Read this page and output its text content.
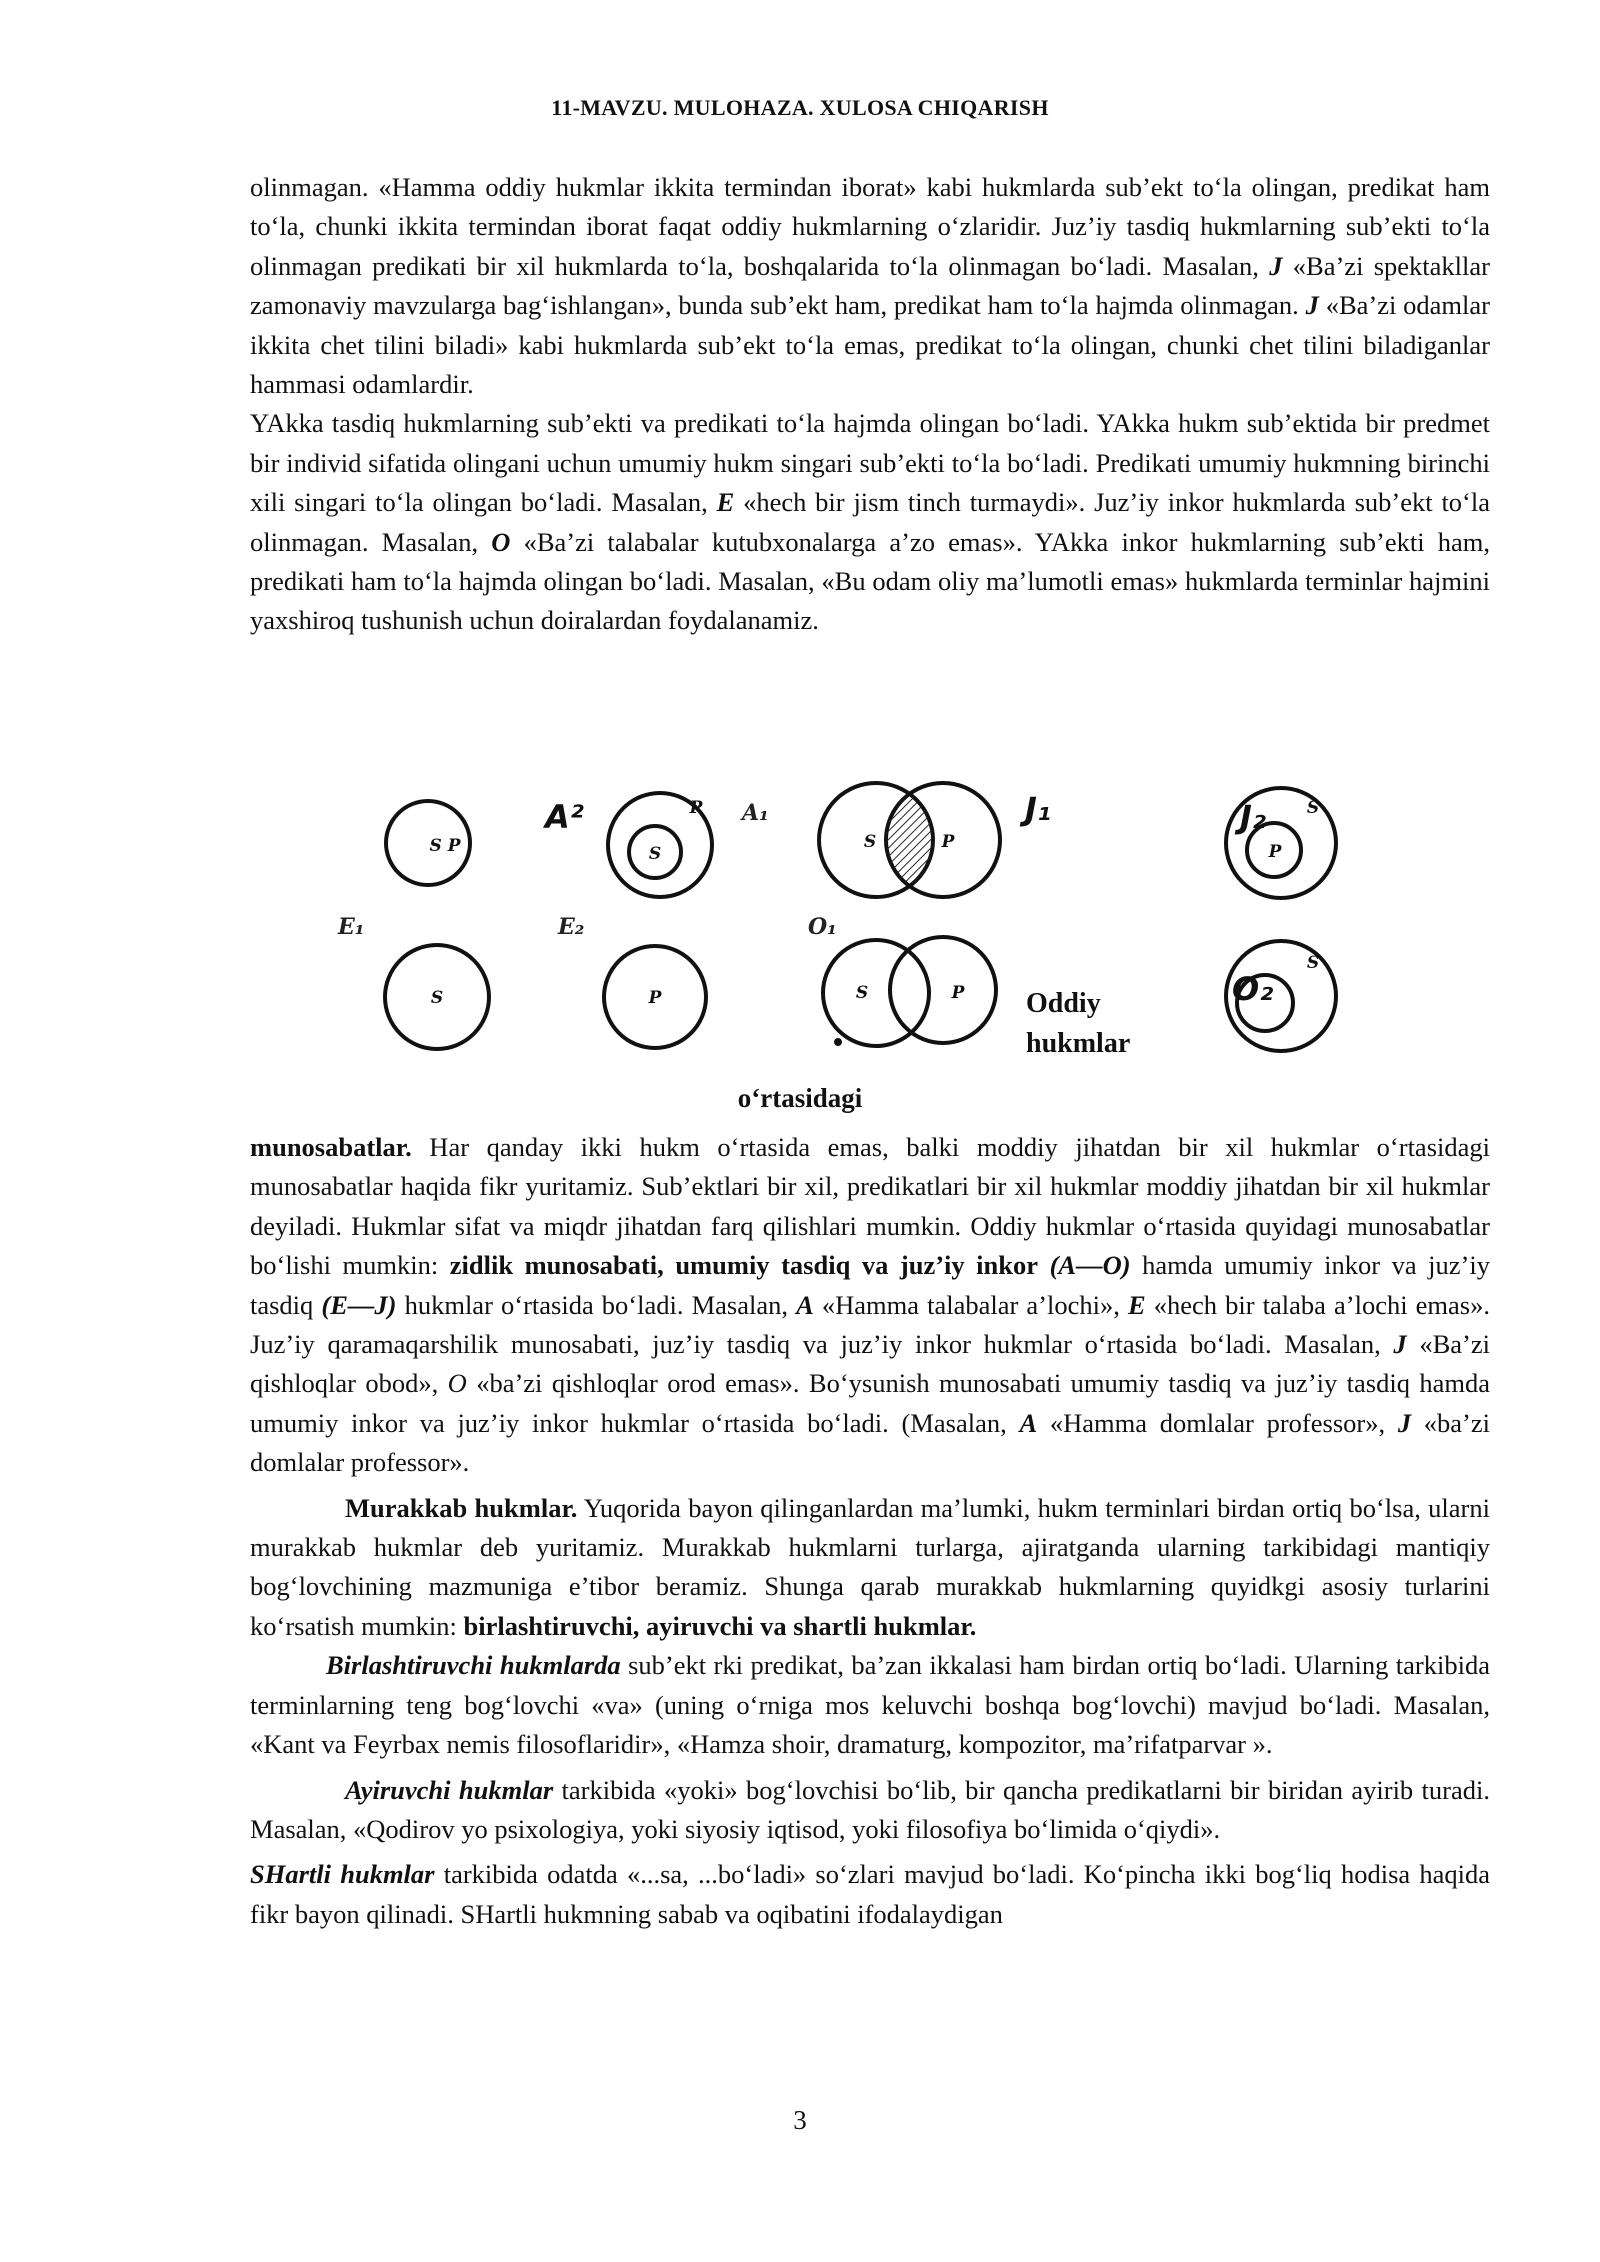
11-MAVZU. MULOHAZA. XULOSA CHIQARISH

olinmagan. «Hamma oddiy hukmlar ikkita termindan iborat» kabi hukmlarda sub’ekt to‘la olingan, predikat ham to‘la, chunki ikkita termindan iborat faqat oddiy hukmlarning o‘zlaridir. Juz’iy tasdiq hukmlarning sub’ekti to‘la olinmagan predikati bir xil hukmlarda to‘la, boshqalarida to‘la olinmagan bo‘ladi. Masalan, J «Ba’zi spektakllar zamonaviy mavzularga bag‘ishlangan», bunda sub’ekt ham, predikat ham to‘la hajmda olinmagan. J «Ba’zi odamlar ikkita chet tilini biladi» kabi hukmlarda sub’ekt to‘la emas, predikat to‘la olingan, chunki chet tilini biladiganlar hammasi odamlardir.

YAkka tasdiq hukmlarning sub’ekti va predikati to‘la hajmda olingan bo‘ladi. YAkka hukm sub’ektida bir predmet bir individ sifatida olingani uchun umumiy hukm singari sub’ekti to‘la bo‘ladi. Predikati umumiy hukmning birinchi xili singari to‘la olingan bo‘ladi. Masalan, E «hech bir jism tinch turmaydi». Juz’iy inkor hukmlarda sub’ekt to‘la olinmagan. Masalan, O «Ba’zi talabalar kutubxonalarga a’zo emas». YAkka inkor hukmlarning sub’ekti ham, predikati ham to‘la hajmda olingan bo‘ladi. Masalan, «Bu odam oliy ma’lumotli emas» hukmlarda terminlar hajmini yaxshiroq tushunish uchun doiralardan foydalanamiz.

S P	S
P
S	P
S
P
S	P	S	P
S
E₁	E₂	O₁
A₁
A²	J₁	J₂
O₂
Oddiy
hukmlar
o‘rtasidagi

munosabatlar. Har qanday ikki hukm o‘rtasida emas, balki moddiy jihatdan bir xil hukmlar o‘rtasidagi munosabatlar haqida fikr yuritamiz. Sub’ektlari bir xil, predikatlari bir xil hukmlar moddiy jihatdan bir xil hukmlar deyiladi. Hukmlar sifat va miqdr jihatdan farq qilishlari mumkin. Oddiy hukmlar o‘rtasida quyidagi munosabatlar bo‘lishi mumkin: zidlik munosabati, umumiy tasdiq va juz’iy inkor (A—O) hamda umumiy inkor va juz’iy tasdiq (E—J) hukmlar o‘rtasida bo‘ladi. Masalan, A «Hamma talabalar a’lochi», E «hech bir talaba a’lochi emas». Juz’iy qaramaqarshilik munosabati, juz’iy tasdiq va juz’iy inkor hukmlar o‘rtasida bo‘ladi. Masalan, J «Ba’zi qishloqlar obod», O «ba’zi qishloqlar orod emas». Bo‘ysunish munosabati umumiy tasdiq va juz’iy tasdiq hamda umumiy inkor va juz’iy inkor hukmlar o‘rtasida bo‘ladi. (Masalan, A «Hamma domlalar professor», J «ba’zi domlalar professor».

Murakkab hukmlar. Yuqorida bayon qilinganlardan ma’lumki, hukm terminlari birdan ortiq bo‘lsa, ularni murakkab hukmlar deb yuritamiz. Murakkab hukmlarni turlarga, ajiratganda ularning tarkibidagi mantiqiy bog‘lovchining mazmuniga e’tibor beramiz. Shunga qarab murakkab hukmlarning quyidkgi asosiy turlarini ko‘rsatish mumkin: birlashtiruvchi, ayiruvchi va shartli hukmlar.

Birlashtiruvchi hukmlarda sub’ekt rki predikat, ba’zan ikkalasi ham birdan ortiq bo‘ladi. Ularning tarkibida terminlarning teng bog‘lovchi «va» (uning o‘rniga mos keluvchi boshqa bog‘lovchi) mavjud bo‘ladi. Masalan, «Kant va Feyrbax nemis filosoflaridir», «Hamza shoir, dramaturg, kompozitor, ma’rifatparvar ».

Ayiruvchi hukmlar tarkibida «yoki» bog‘lovchisi bo‘lib, bir qancha predikatlarni bir biridan ayirib turadi. Masalan, «Qodirov yo psixologiya, yoki siyosiy iqtisod, yoki filosofiya bo‘limida o‘qiydi».

SHartli hukmlar tarkibida odatda «...sa, ...bo‘ladi» so‘zlari mavjud bo‘ladi. Ko‘pincha ikki bog‘liq hodisa haqida fikr bayon qilinadi. SHartli hukmning sabab va oqibatini ifodalaydigan

3
